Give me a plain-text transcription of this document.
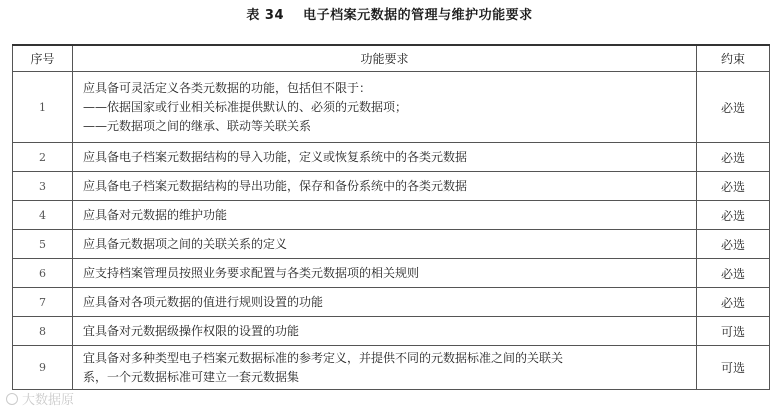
表 34 电子档案元数据的管理与维护功能要求
序号	功能要求	约束
1	应具备可灵活定义各类元数据的功能，包括但不限于：
——依据国家或行业相关标准提供默认的、必须的元数据项；
——元数据项之间的继承、联动等关联关系	必选
2	应具备电子档案元数据结构的导入功能，定义或恢复系统中的各类元数据	必选
3	应具备电子档案元数据结构的导出功能，保存和备份系统中的各类元数据	必选
4	应具备对元数据的维护功能	必选
5	应具备元数据项之间的关联关系的定义	必选
6	应支持档案管理员按照业务要求配置与各类元数据项的相关规则	必选
7	应具备对各项元数据的值进行规则设置的功能	必选
8	宜具备对元数据级操作权限的设置的功能	可选
9	宜具备对多种类型电子档案元数据标准的参考定义，并提供不同的元数据标准之间的关联关
系，一个元数据标准可建立一套元数据集	可选
大数据原
